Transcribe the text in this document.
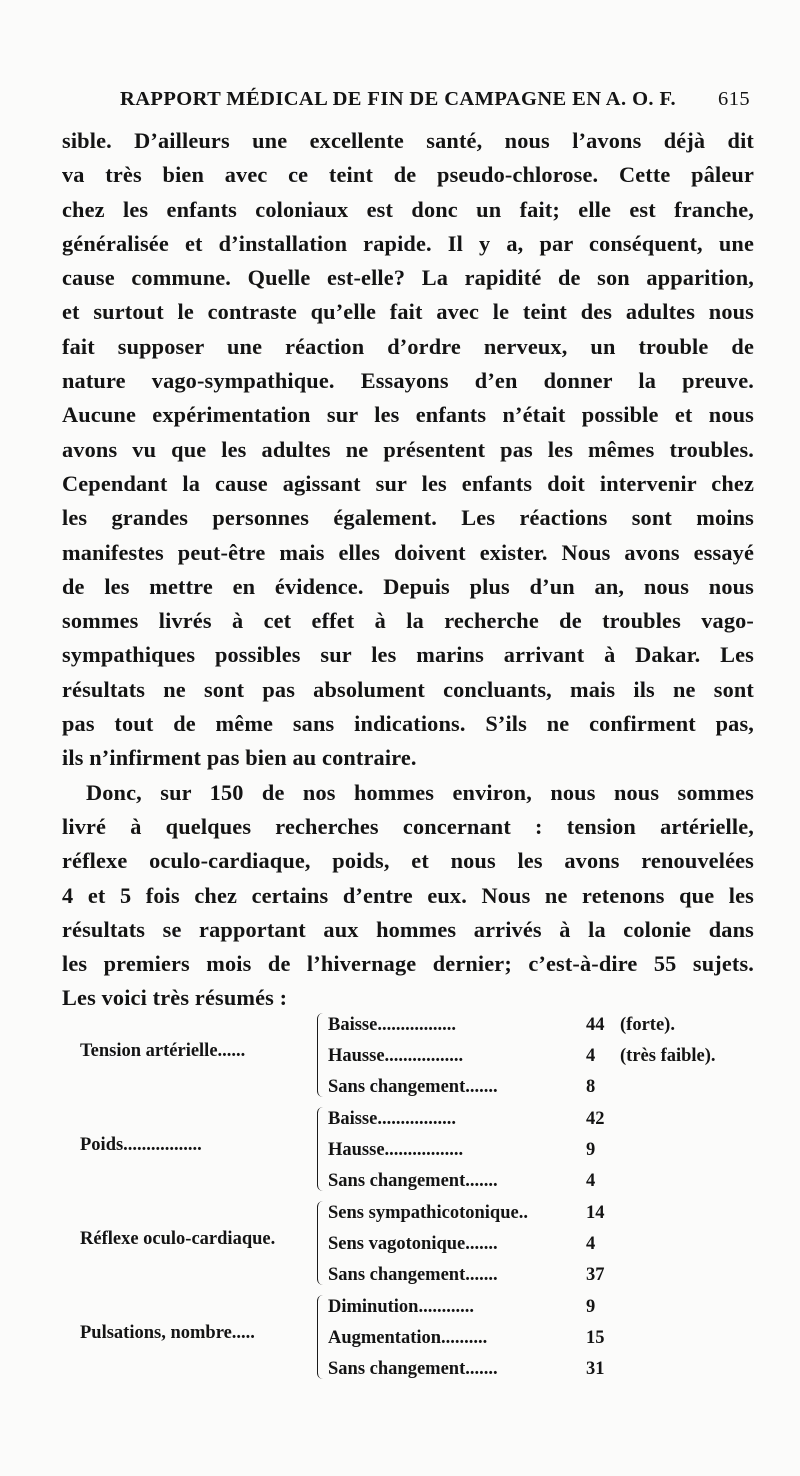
RAPPORT MÉDICAL DE FIN DE CAMPAGNE EN A. O. F. 615
sible. D’ailleurs une excellente santé, nous l’avons déjà dit
va très bien avec ce teint de pseudo-chlorose. Cette pâleur
chez les enfants coloniaux est donc un fait; elle est franche,
généralisée et d’installation rapide. Il y a, par conséquent, une
cause commune. Quelle est-elle? La rapidité de son apparition,
et surtout le contraste qu’elle fait avec le teint des adultes nous
fait supposer une réaction d’ordre nerveux, un trouble de
nature vago-sympathique. Essayons d’en donner la preuve.
Aucune expérimentation sur les enfants n’était possible et nous
avons vu que les adultes ne présentent pas les mêmes troubles.
Cependant la cause agissant sur les enfants doit intervenir chez
les grandes personnes également. Les réactions sont moins
manifestes peut-être mais elles doivent exister. Nous avons essayé
de les mettre en évidence. Depuis plus d’un an, nous nous
sommes livrés à cet effet à la recherche de troubles vago-
sympathiques possibles sur les marins arrivant à Dakar. Les
résultats ne sont pas absolument concluants, mais ils ne sont
pas tout de même sans indications. S’ils ne confirment pas,
ils n’infirment pas bien au contraire.
Donc, sur 150 de nos hommes environ, nous nous sommes
livré à quelques recherches concernant : tension artérielle,
réflexe oculo-cardiaque, poids, et nous les avons renouvelées
4 et 5 fois chez certains d’entre eux. Nous ne retenons que les
résultats se rapportant aux hommes arrivés à la colonie dans
les premiers mois de l’hivernage dernier; c’est-à-dire 55 sujets.
Les voici très résumés :
Tension artérielle......
Baisse.................	44 (forte).
Hausse.................	4 (très faible).
Sans changement.......	8
Poids.................
Baisse.................	42
Hausse.................	9
Sans changement.......	4
Réflexe oculo-cardiaque.
Sens sympathicotonique..	14
Sens vagotonique.......	4
Sans changement.......	37
Pulsations, nombre.....
Diminution............	9
Augmentation..........	15
Sans changement.......	31
